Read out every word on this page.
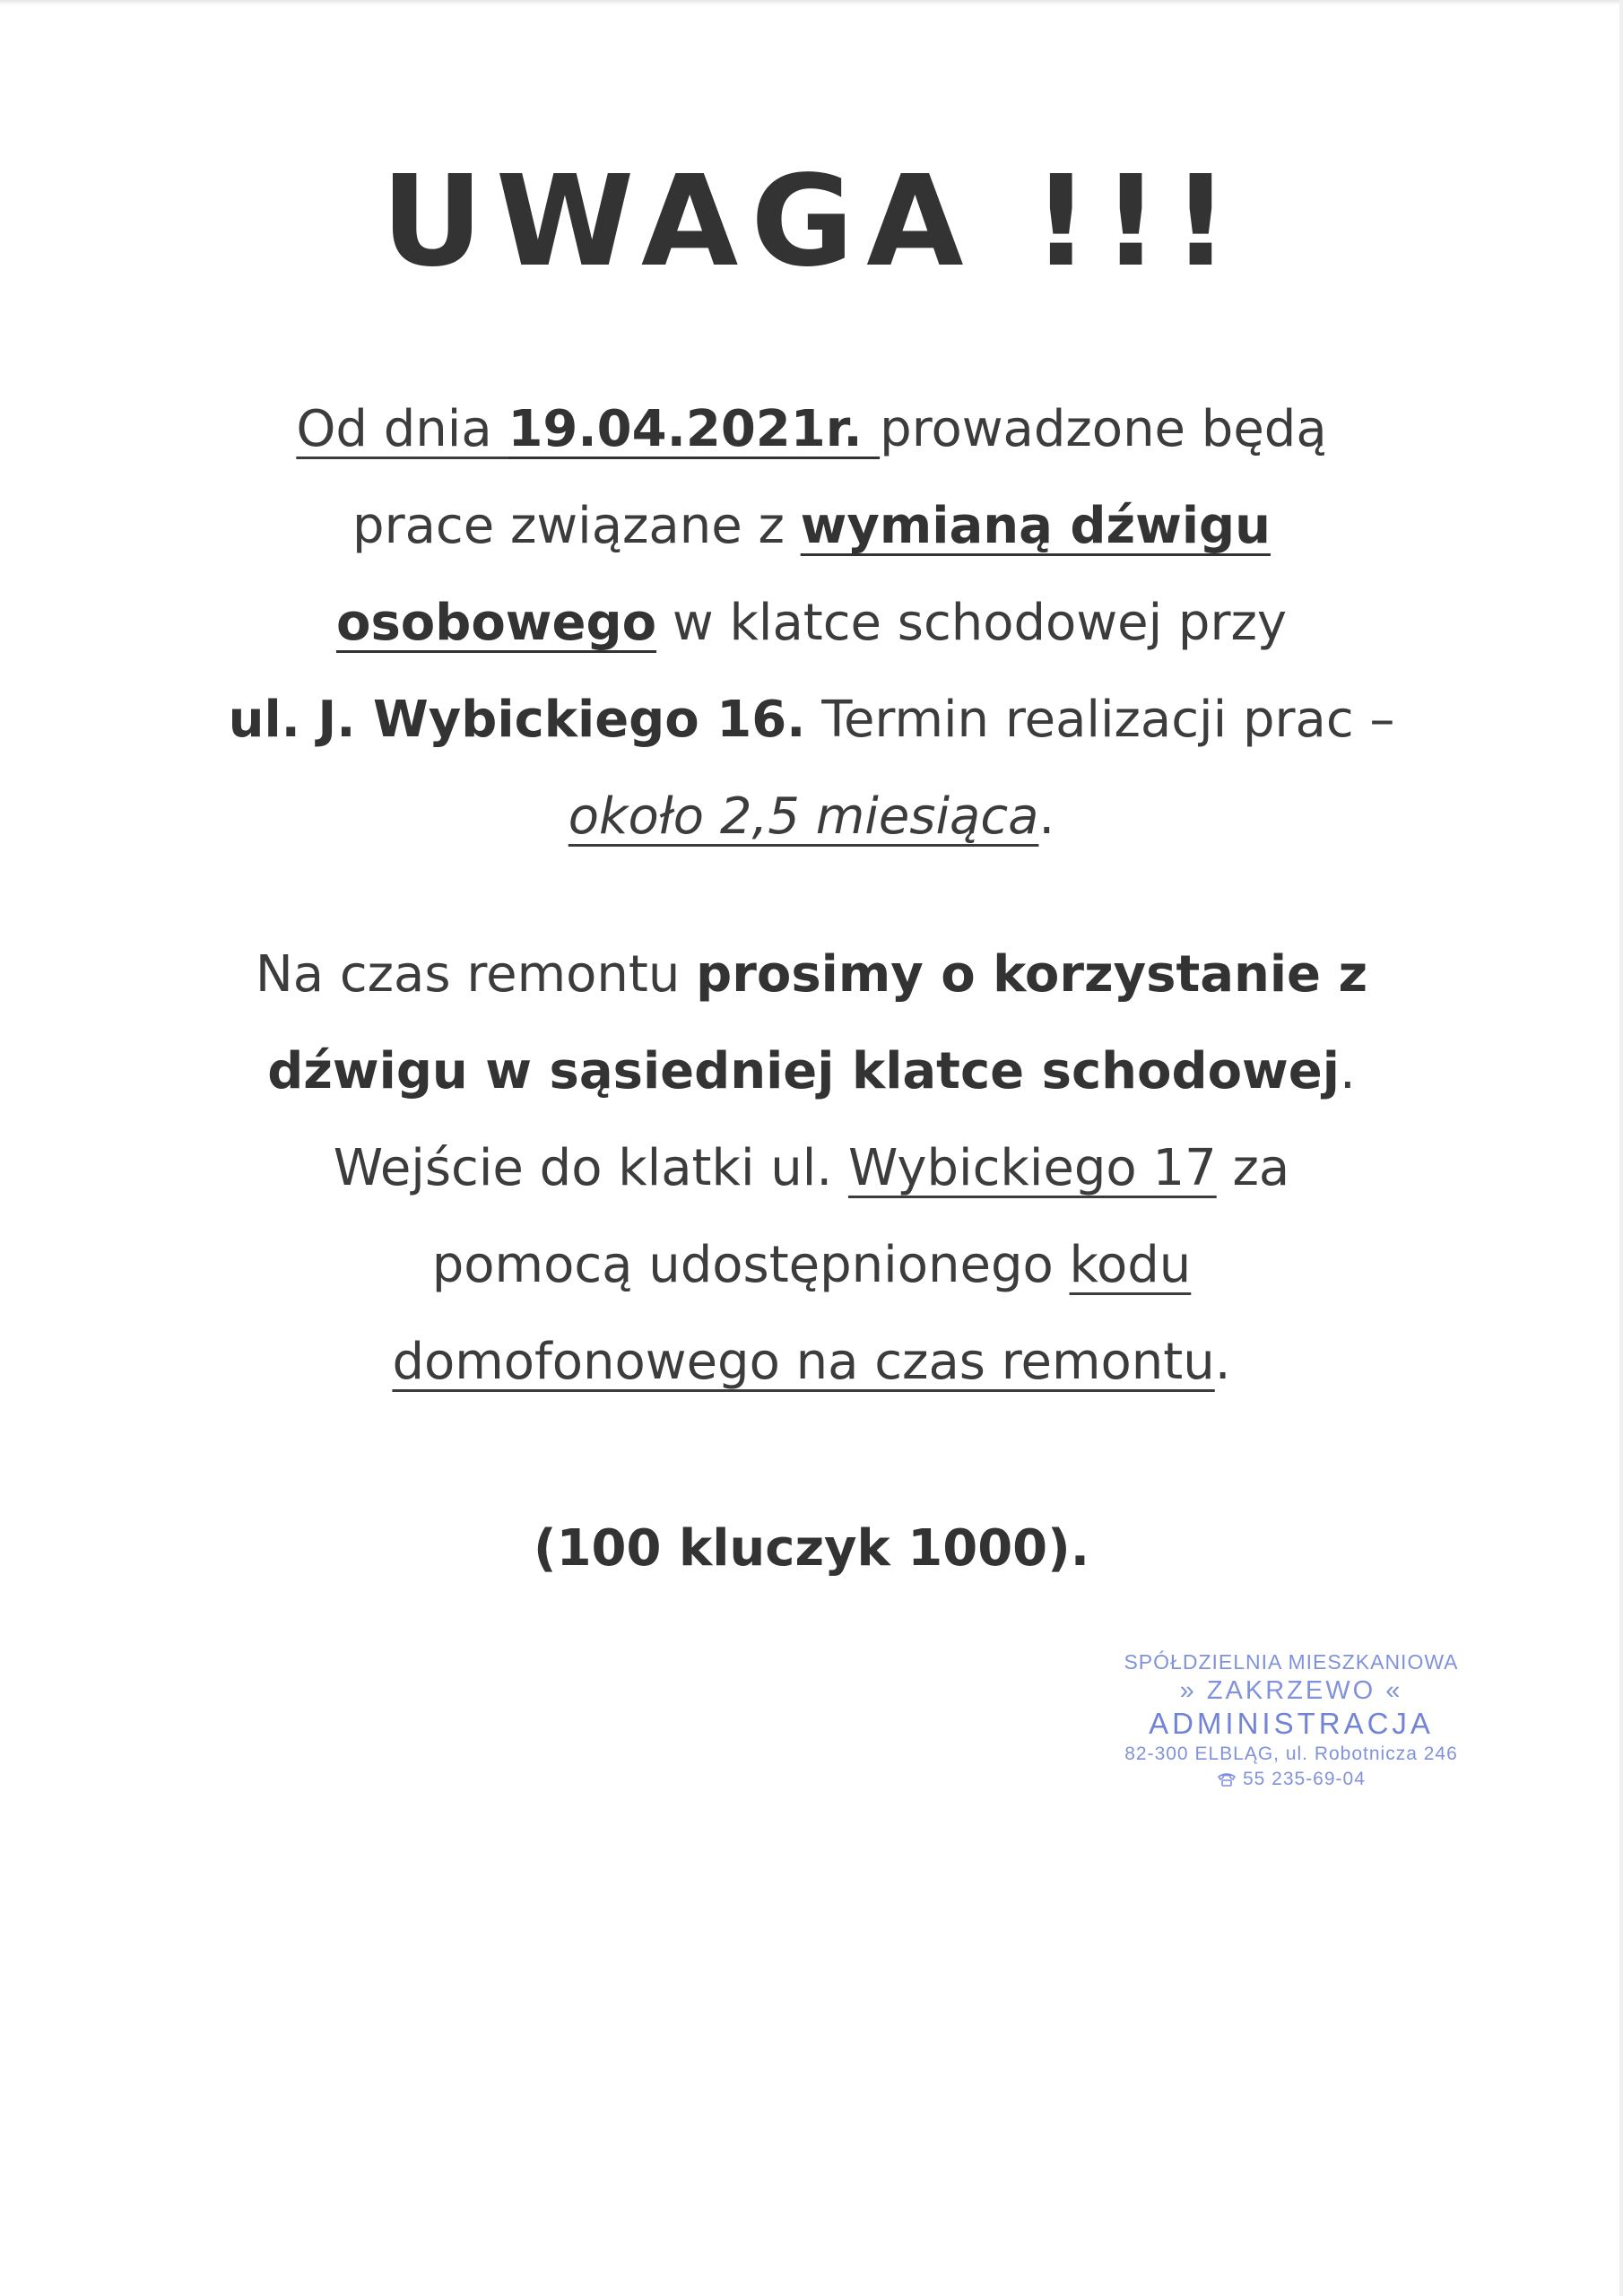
UWAGA !!!
Od dnia 19.04.2021r. prowadzone będą
prace związane z wymianą dźwigu
osobowego w klatce schodowej przy
ul. J. Wybickiego 16. Termin realizacji prac –
około 2,5 miesiąca.
Na czas remontu prosimy o korzystanie z
dźwigu w sąsiedniej klatce schodowej.
Wejście do klatki ul. Wybickiego 17 za
pomocą udostępnionego kodu
domofonowego na czas remontu.
(100 kluczyk 1000).
SPÓŁDZIELNIA MIESZKANIOWA
» ZAKRZEWO «
ADMINISTRACJA
82-300 ELBLĄG, ul. Robotnicza 246
55 235-69-04
